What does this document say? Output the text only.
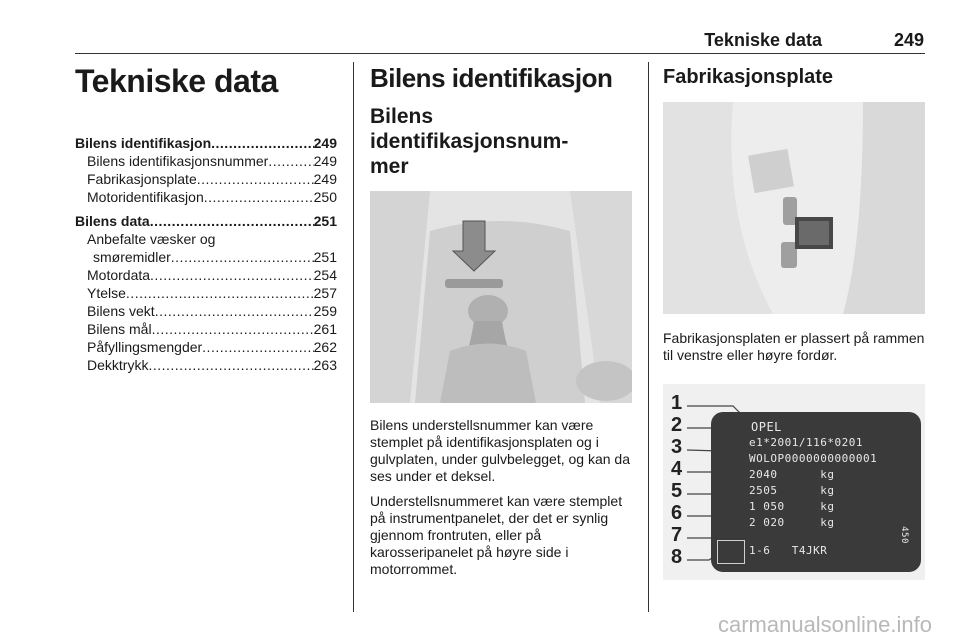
Tekniske data	249
Tekniske data
Bilens identifikasjon .....	249
Bilens identifikasjonsnummer .....	249
Fabrikasjonsplate .....	249
Motoridentifikasjon .....	250
Bilens data .....	251
Anbefalte væsker og
smøremidler .....	251
Motordata .....	254
Ytelse .....	257
Bilens vekt .....	259
Bilens mål .....	261
Påfyllingsmengder .....	262
Dekktrykk .....	263
Bilens identifikasjon
Bilens identifikasjonsnum-
mer

Bilens understellsnummer kan være stemplet på identifikasjonsplaten og i gulvplaten, under gulvbelegget, og kan da ses under et deksel.

Understellsnummeret kan være stemplet på instrumentpanelet, der det er synlig gjennom frontruten, eller på karosseripanelet på høyre side i motorrommet.

Fabrikasjonsplate

Fabrikasjonsplaten er plassert på rammen til venstre eller høyre fordør.

1
2
3
4
5
6
7
8
450
OPEL
e1*2001/116*0201
WOLOP0000000000001
2040      kg
2505      kg
1 050     kg
2 020     kg
1-6   T4JKR
carmanualsonline.info
